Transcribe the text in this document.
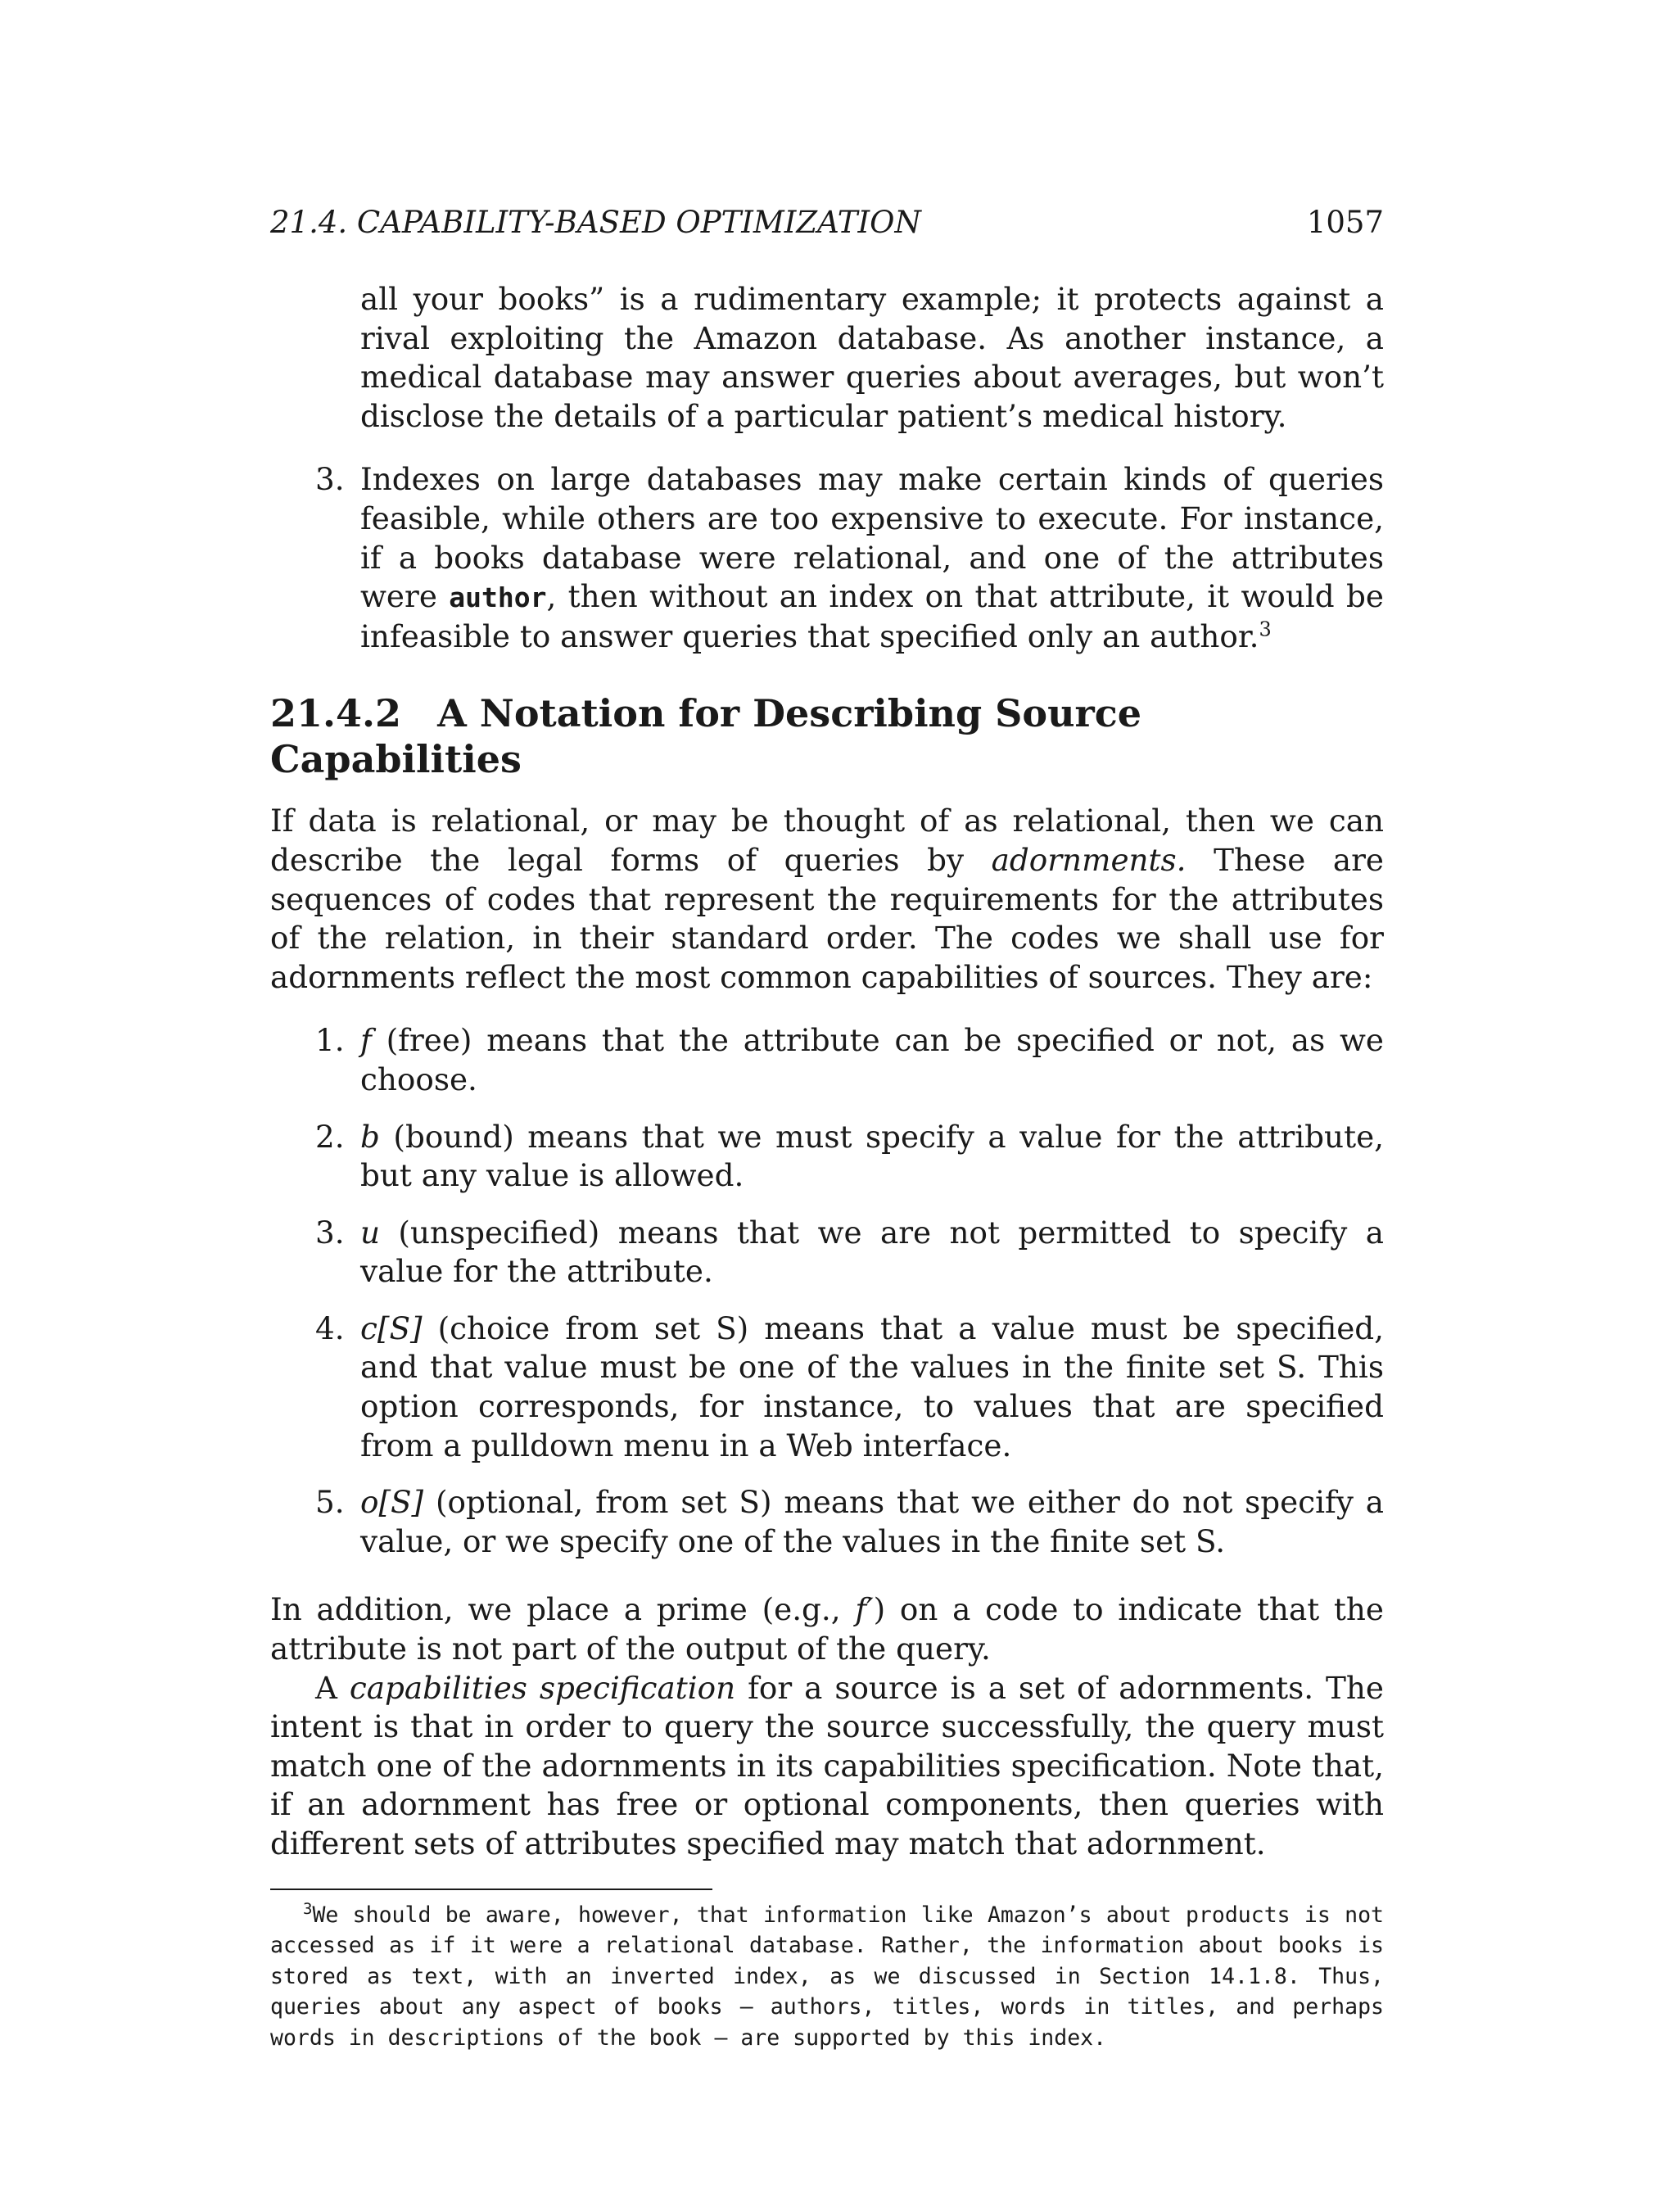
21.4. CAPABILITY-BASED OPTIMIZATION	1057
all your books” is a rudimentary example; it protects against a rival exploiting the Amazon database. As another instance, a medical database may answer queries about averages, but won’t disclose the details of a particular patient’s medical history.
3. Indexes on large databases may make certain kinds of queries feasible, while others are too expensive to execute. For instance, if a books database were relational, and one of the attributes were author, then without an index on that attribute, it would be infeasible to answer queries that specified only an author.$^3$
21.4.2 A Notation for Describing Source Capabilities
If data is relational, or may be thought of as relational, then we can describe the legal forms of queries by adornments. These are sequences of codes that represent the requirements for the attributes of the relation, in their standard order. The codes we shall use for adornments reflect the most common capabilities of sources. They are:
1. f (free) means that the attribute can be specified or not, as we choose.
2. b (bound) means that we must specify a value for the attribute, but any value is allowed.
3. u (unspecified) means that we are not permitted to specify a value for the attribute.
4. c[S] (choice from set S) means that a value must be specified, and that value must be one of the values in the finite set S. This option corresponds, for instance, to values that are specified from a pulldown menu in a Web interface.
5. o[S] (optional, from set S) means that we either do not specify a value, or we specify one of the values in the finite set S.
In addition, we place a prime (e.g., f′) on a code to indicate that the attribute is not part of the output of the query.
A capabilities specification for a source is a set of adornments. The intent is that in order to query the source successfully, the query must match one of the adornments in its capabilities specification. Note that, if an adornment has free or optional components, then queries with different sets of attributes specified may match that adornment.
$^3$We should be aware, however, that information like Amazon’s about products is not accessed as if it were a relational database. Rather, the information about books is stored as text, with an inverted index, as we discussed in Section 14.1.8. Thus, queries about any aspect of books — authors, titles, words in titles, and perhaps words in descriptions of the book — are supported by this index.
